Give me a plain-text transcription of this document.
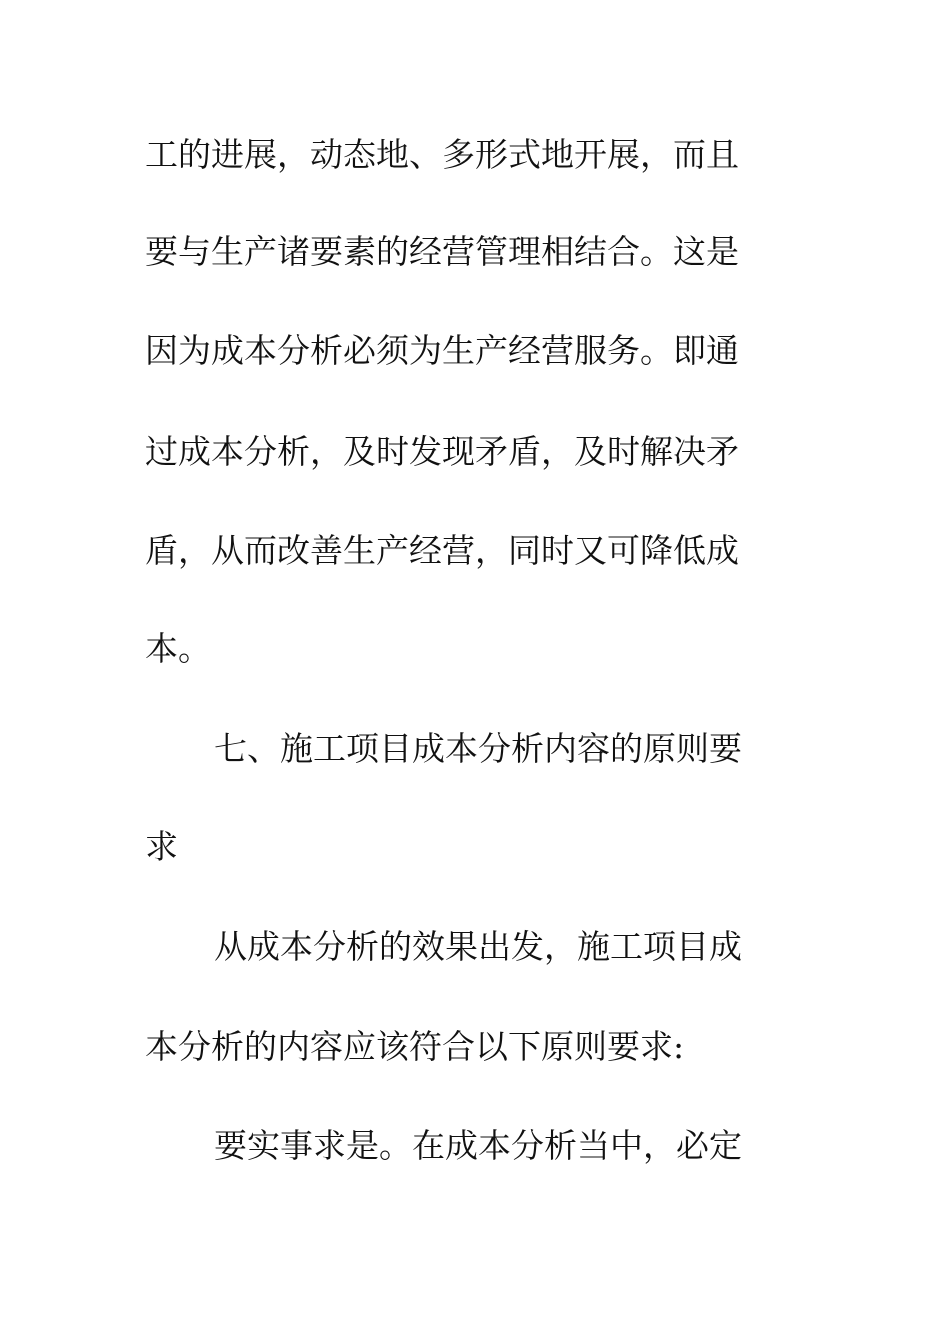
工的进展，动态地、多形式地开展，而且
要与生产诸要素的经营管理相结合。这是
因为成本分析必须为生产经营服务。即通
过成本分析，及时发现矛盾，及时解决矛
盾，从而改善生产经营，同时又可降低成
本。
七、施工项目成本分析内容的原则要
求
从成本分析的效果出发，施工项目成
本分析的内容应该符合以下原则要求:
要实事求是。在成本分析当中，必定
